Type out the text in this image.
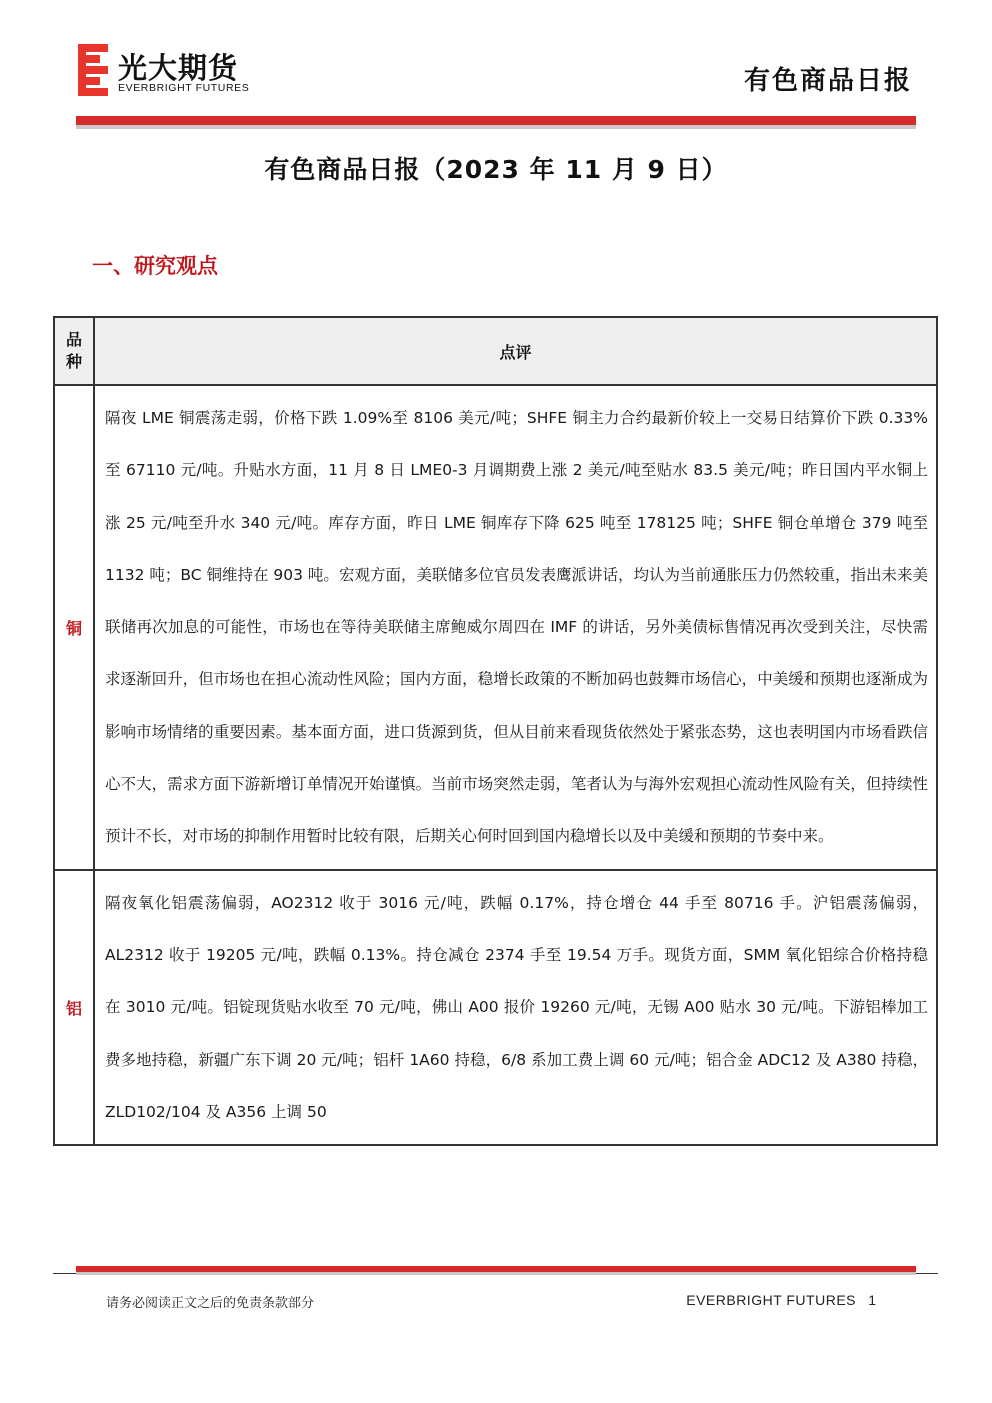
光大期货
EVERBRIGHT FUTURES	有色商品日报
有色商品日报（2023 年 11 月 9 日）
一、研究观点
品
种	点评
铜	隔夜 LME 铜震荡走弱，价格下跌 1.09%至 8106 美元/吨；SHFE 铜主力合约最新价较上一交易日结算价下跌 0.33%至 67110 元/吨。升贴水方面，11 月 8 日 LME0-3 月调期费上涨 2 美元/吨至贴水 83.5 美元/吨；昨日国内平水铜上涨 25 元/吨至升水 340 元/吨。库存方面，昨日 LME 铜库存下降 625 吨至 178125 吨；SHFE 铜仓单增仓 379 吨至 1132 吨；BC 铜维持在 903 吨。宏观方面，美联储多位官员发表鹰派讲话，均认为当前通胀压力仍然较重，指出未来美联储再次加息的可能性，市场也在等待美联储主席鲍威尔周四在 IMF 的讲话，另外美债标售情况再次受到关注，尽快需求逐渐回升，但市场也在担心流动性风险；国内方面，稳增长政策的不断加码也鼓舞市场信心，中美缓和预期也逐渐成为影响市场情绪的重要因素。基本面方面，进口货源到货，但从目前来看现货依然处于紧张态势，这也表明国内市场看跌信心不大，需求方面下游新增订单情况开始谨慎。当前市场突然走弱，笔者认为与海外宏观担心流动性风险有关，但持续性预计不长，对市场的抑制作用暂时比较有限，后期关心何时回到国内稳增长以及中美缓和预期的节奏中来。
铝	隔夜氧化铝震荡偏弱，AO2312 收于 3016 元/吨，跌幅 0.17%，持仓增仓 44 手至 80716 手。沪铝震荡偏弱，AL2312 收于 19205 元/吨，跌幅 0.13%。持仓减仓 2374 手至 19.54 万手。现货方面，SMM 氧化铝综合价格持稳在 3010 元/吨。铝锭现货贴水收至 70 元/吨，佛山 A00 报价 19260 元/吨，无锡 A00 贴水 30 元/吨。下游铝棒加工费多地持稳，新疆广东下调 20 元/吨；铝杆 1A60 持稳，6/8 系加工费上调 60 元/吨；铝合金 ADC12 及 A380 持稳，ZLD102/104 及 A356 上调 50
请务必阅读正文之后的免责条款部分	EVERBRIGHT FUTURES 1
